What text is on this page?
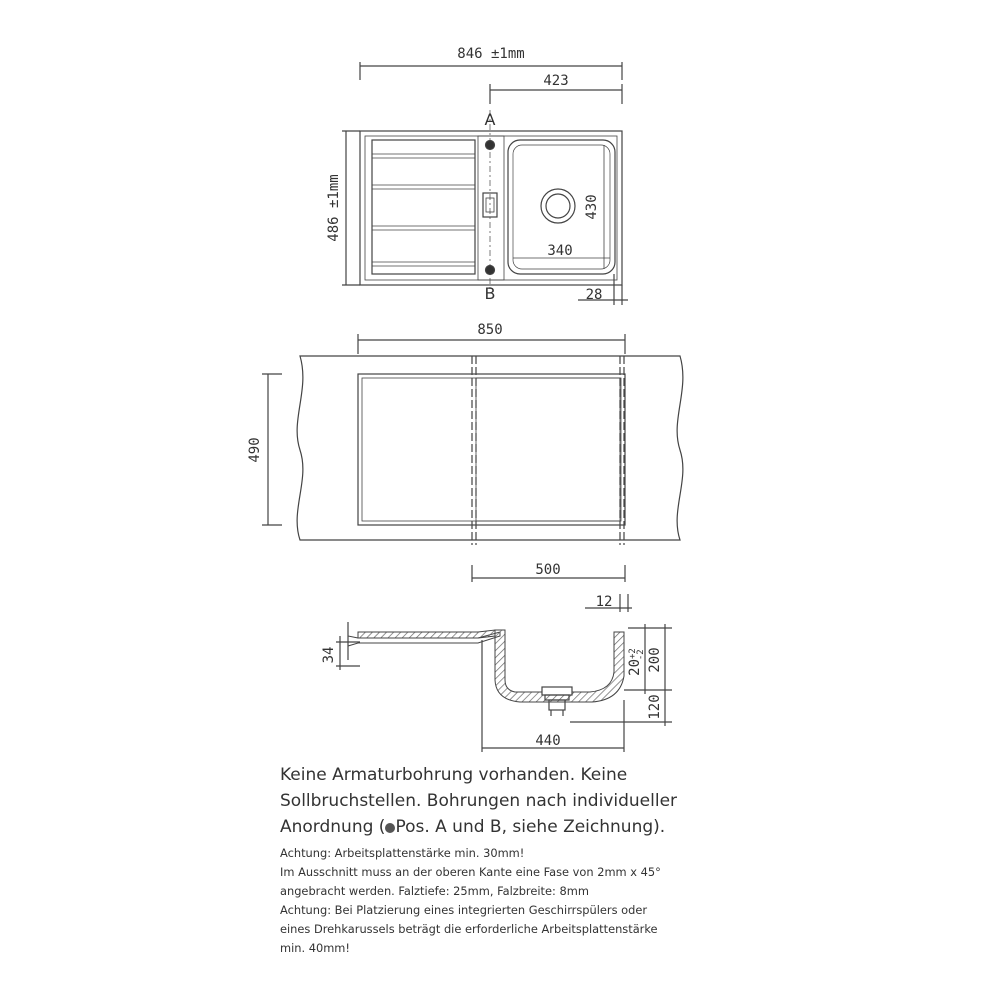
846 ±1mm
423
486 ±1mm
A
B
430
340
28
850
490
500
12
34
$20^{+2}-2$ 200
120
440

Keine Armaturbohrung vorhanden. Keine

Sollbruchstellen. Bohrungen nach individueller

Anordnung ( Pos. A und B, siehe Zeichnung).

Achtung: Arbeitsplattenstärke min. 30mm!

Im Ausschnitt muss an der oberen Kante eine Fase von 2mm x 45°

angebracht werden. Falztiefe: 25mm, Falzbreite: 8mm

Achtung: Bei Platzierung eines integrierten Geschirrspülers oder

eines Drehkarussels beträgt die erforderliche Arbeitsplattenstärke

min. 40mm!
